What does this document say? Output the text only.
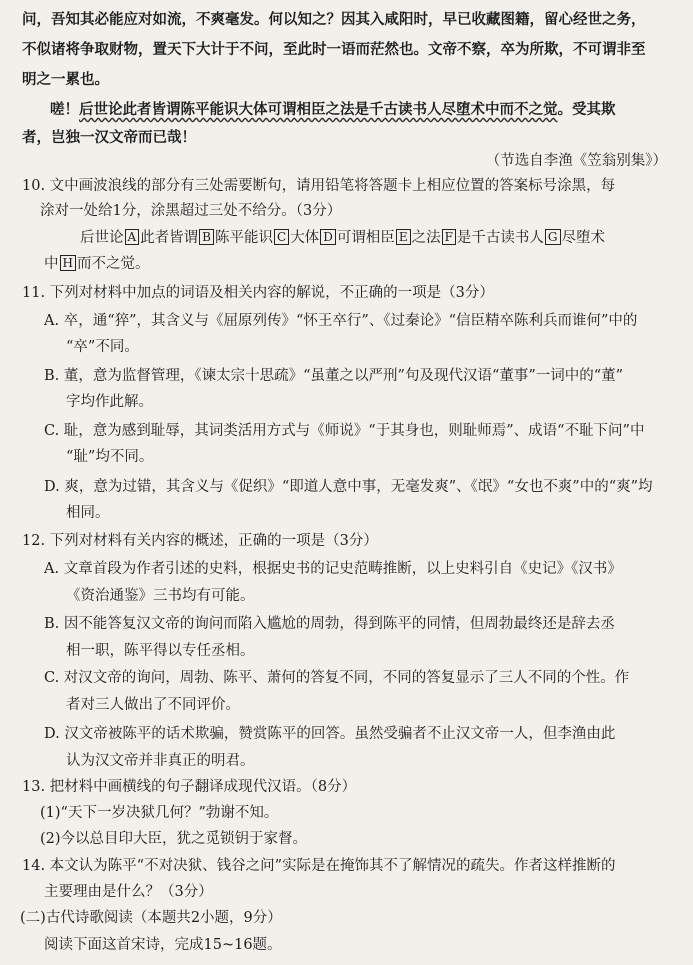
问，吾知其必能应对如流，不爽毫发。何以知之？因其入咸阳时，早已收藏图籍，留心经世之务，
不似诸将争取财物，置天下大计于不问，至此时一语而茫然也。文帝不察，卒为所欺，不可谓非至
明之一累也。
嗟！后世论此者皆谓陈平能识大体可谓相臣之法是千古读书人尽堕术中而不之觉。受其欺
者，岂独一汉文帝而已哉！
（节选自李渔《笠翁别集》）
10. 文中画波浪线的部分有三处需要断句，请用铅笔将答题卡上相应位置的答案标号涂黑，每
涂对一处给1分，涂黑超过三处不给分。（3分）
后世论 A 此者皆谓 B 陈平能识 C 大体 D 可谓相臣 E 之法 F 是千古读书人 G 尽堕术
中 H 而不之觉。
11. 下列对材料中加点的词语及相关内容的解说，不正确的一项是（3分）
A. 卒，通“猝”，其含义与《屈原列传》“怀王卒行”、《过秦论》“信臣精卒陈利兵而谁何”中的
“卒”不同。
B. 董，意为监督管理，《谏太宗十思疏》“虽董之以严刑”句及现代汉语“董事”一词中的“董”
字均作此解。
C. 耻，意为感到耻辱，其词类活用方式与《师说》“于其身也，则耻师焉”、成语“不耻下问”中
“耻”均不同。
D. 爽，意为过错，其含义与《促织》“即道人意中事，无毫发爽”、《氓》“女也不爽”中的“爽”均
相同。
12. 下列对材料有关内容的概述，正确的一项是（3分）
A. 文章首段为作者引述的史料，根据史书的记史范畴推断，以上史料引自《史记》《汉书》
《资治通鉴》三书均有可能。
B. 因不能答复汉文帝的询问而陷入尴尬的周勃，得到陈平的同情，但周勃最终还是辞去丞
相一职，陈平得以专任丞相。
C. 对汉文帝的询问，周勃、陈平、萧何的答复不同，不同的答复显示了三人不同的个性。作
者对三人做出了不同评价。
D. 汉文帝被陈平的话术欺骗，赞赏陈平的回答。虽然受骗者不止汉文帝一人，但李渔由此
认为汉文帝并非真正的明君。
13. 把材料中画横线的句子翻译成现代汉语。（8分）
(1)“天下一岁决狱几何？”勃谢不知。
(2)今以总目印大臣，犹之觅锁钥于家督。
14. 本文认为陈平“不对决狱、钱谷之问”实际是在掩饰其不了解情况的疏失。作者这样推断的
主要理由是什么？（3分）
(二)古代诗歌阅读（本题共2小题，9分）
阅读下面这首宋诗，完成15~16题。
